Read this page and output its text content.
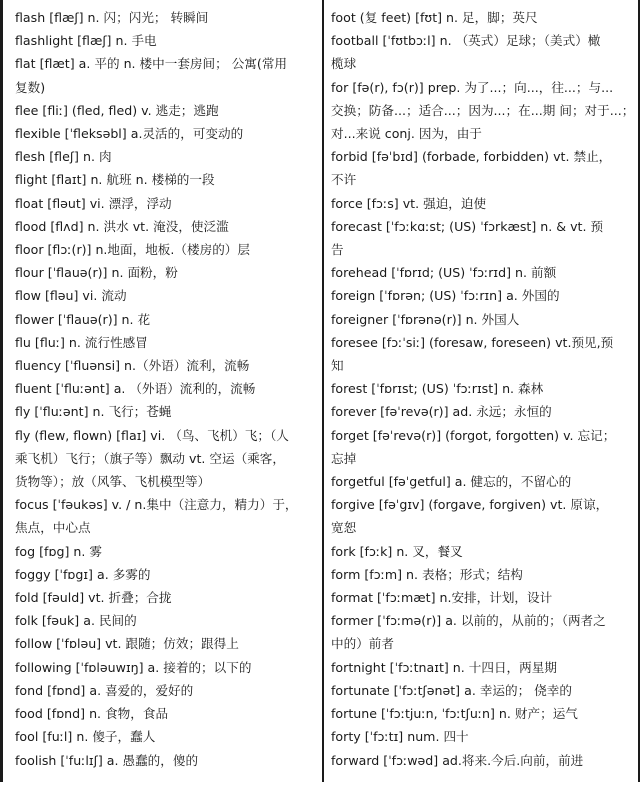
flash [flæʃ] n. 闪；闪光； 转瞬间
flashlight [flæʃ] n. 手电
flat [flæt] a. 平的 n. 楼中一套房间； 公寓(常用
复数)
flee [fliː] (fled, fled) v. 逃走；逃跑
flexible [ˈfleksəbl] a.灵活的，可变动的
flesh [fleʃ] n. 肉
flight [flaɪt] n. 航班 n. 楼梯的一段
float [fləut] vi. 漂浮，浮动
flood [flʌd] n. 洪水 vt. 淹没，使泛滥
floor [flɔː(r)] n.地面，地板.（楼房的）层
flour [ˈflauə(r)] n. 面粉，粉
flow [fləu] vi. 流动
flower [ˈflauə(r)] n. 花
flu [fluː] n. 流行性感冒
fluency [ˈfluənsi] n.（外语）流利，流畅
fluent [ˈfluːənt] a. （外语）流利的，流畅
fly [ˈfluːənt] n. 飞行；苍蝇
fly (flew, flown) [flaɪ] vi. （鸟、飞机）飞；（人
乘飞机）飞行；（旗子等）飘动 vt. 空运（乘客，
货物等）；放（风筝、飞机模型等）
focus [ˈfəukəs] v. / n.集中（注意力，精力）于，
焦点，中心点
fog [fɒg] n. 雾
foggy [ˈfɒgɪ] a. 多雾的
fold [fəuld] vt. 折叠；合拢
folk [fəuk] a. 民间的
follow [ˈfɒləu] vt. 跟随；仿效；跟得上
following [ˈfɒləuwɪŋ] a. 接着的；以下的
fond [fɒnd] a. 喜爱的，爱好的
food [fɒnd] n. 食物，食品
fool [fuːl] n. 傻子，蠢人
foolish [ˈfuːlɪʃ] a. 愚蠢的，傻的
foot (复 feet) [fʊt] n. 足，脚；英尺
football [ˈfʊtbɔːl] n. （英式）足球；（美式）橄
榄球
for [fə(r), fɔ(r)] prep. 为了...；向...，往...；与...
交换；防备...；适合...；因为...；在...期 间；对于...；
对...来说 conj. 因为，由于
forbid [fəˈbɪd] (forbade, forbidden) vt. 禁止，
不许
force [fɔːs] vt. 强迫，迫使
forecast [ˈfɔːkɑːst; (US) ˈfɔrkæst] n. & vt. 预
告
forehead [ˈfɒrɪd; (US) ˈfɔːrɪd] n. 前额
foreign [ˈfɒrən; (US) ˈfɔːrɪn] a. 外国的
foreigner [ˈfɒrənə(r)] n. 外国人
foresee [fɔːˈsiː] (foresaw, foreseen) vt.预见,预
知
forest [ˈfɒrɪst; (US) ˈfɔːrɪst] n. 森林
forever [fəˈrevə(r)] ad. 永远；永恒的
forget [fəˈrevə(r)] (forgot, forgotten) v. 忘记；
忘掉
forgetful [fəˈgetful] a. 健忘的，不留心的
forgive [fəˈgɪv] (forgave, forgiven) vt. 原谅，
宽恕
fork [fɔːk] n. 叉，餐叉
form [fɔːm] n. 表格；形式；结构
format [ˈfɔːmæt] n.安排，计划，设计
former [ˈfɔːmə(r)] a. 以前的，从前的；（两者之
中的）前者
fortnight [ˈfɔːtnaɪt] n. 十四日，两星期
fortunate [ˈfɔːtʃənət] a. 幸运的； 侥幸的
fortune [ˈfɔːtjuːn, ˈfɔːtʃuːn] n. 财产；运气
forty [ˈfɔːtɪ] num. 四十
forward [ˈfɔːwəd] ad.将来.今后.向前，前进
